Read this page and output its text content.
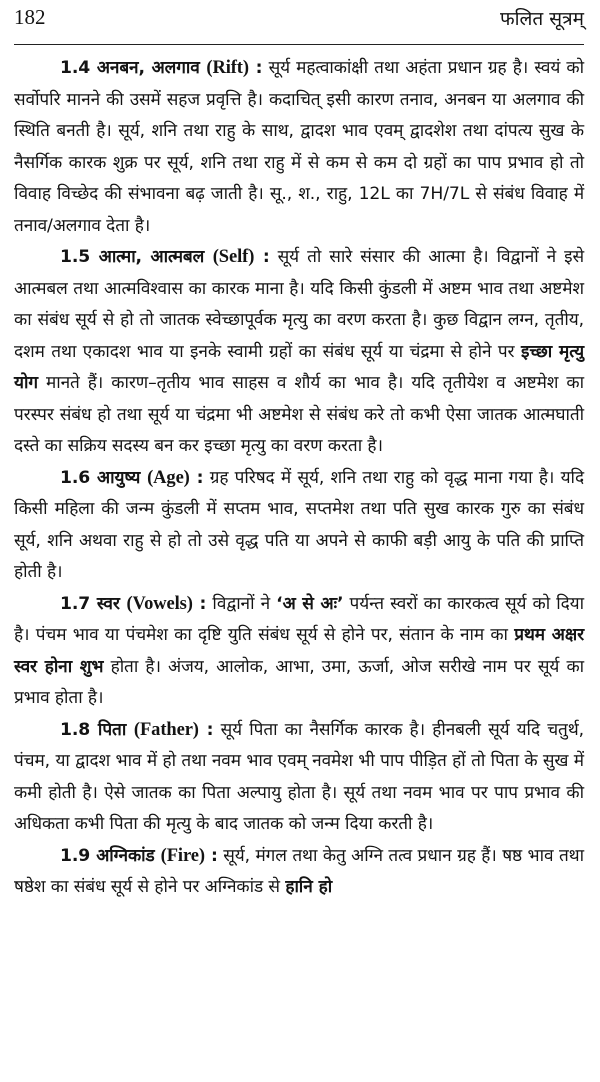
182	फलित सूत्रम्

1.4 अनबन, अलगाव (Rift) : सूर्य महत्वाकांक्षी तथा अहंता प्रधान ग्रह है। स्वयं को सर्वोपरि मानने की उसमें सहज प्रवृत्ति है। कदाचित् इसी कारण तनाव, अनबन या अलगाव की स्थिति बनती है। सूर्य, शनि तथा राहु के साथ, द्वादश भाव एवम् द्वादशेश तथा दांपत्य सुख के नैसर्गिक कारक शुक्र पर सूर्य, शनि तथा राहु में से कम से कम दो ग्रहों का पाप प्रभाव हो तो विवाह विच्छेद की संभावना बढ़ जाती है। सू., श., राहु, 12L का 7H/7L से संबंध विवाह में तनाव/अलगाव देता है।

1.5 आत्मा, आत्मबल (Self) : सूर्य तो सारे संसार की आत्मा है। विद्वानों ने इसे आत्मबल तथा आत्मविश्वास का कारक माना है। यदि किसी कुंडली में अष्टम भाव तथा अष्टमेश का संबंध सूर्य से हो तो जातक स्वेच्छापूर्वक मृत्यु का वरण करता है। कुछ विद्वान लग्न, तृतीय, दशम तथा एकादश भाव या इनके स्वामी ग्रहों का संबंध सूर्य या चंद्रमा से होने पर इच्छा मृत्यु योग मानते हैं। कारण–तृतीय भाव साहस व शौर्य का भाव है। यदि तृतीयेश व अष्टमेश का परस्पर संबंध हो तथा सूर्य या चंद्रमा भी अष्टमेश से संबंध करे तो कभी ऐसा जातक आत्मघाती दस्ते का सक्रिय सदस्य बन कर इच्छा मृत्यु का वरण करता है।

1.6 आयुष्य (Age) : ग्रह परिषद में सूर्य, शनि तथा राहु को वृद्ध माना गया है। यदि किसी महिला की जन्म कुंडली में सप्तम भाव, सप्तमेश तथा पति सुख कारक गुरु का संबंध सूर्य, शनि अथवा राहु से हो तो उसे वृद्ध पति या अपने से काफी बड़ी आयु के पति की प्राप्ति होती है।

1.7 स्वर (Vowels) : विद्वानों ने ‘अ से अः’ पर्यन्त स्वरों का कारकत्व सूर्य को दिया है। पंचम भाव या पंचमेश का दृष्टि युति संबंध सूर्य से होने पर, संतान के नाम का प्रथम अक्षर स्वर होना शुभ होता है। अंजय, आलोक, आभा, उमा, ऊर्जा, ओज सरीखे नाम पर सूर्य का प्रभाव होता है।

1.8 पिता (Father) : सूर्य पिता का नैसर्गिक कारक है। हीनबली सूर्य यदि चतुर्थ, पंचम, या द्वादश भाव में हो तथा नवम भाव एवम् नवमेश भी पाप पीड़ित हों तो पिता के सुख में कमी होती है। ऐसे जातक का पिता अल्पायु होता है। सूर्य तथा नवम भाव पर पाप प्रभाव की अधिकता कभी पिता की मृत्यु के बाद जातक को जन्म दिया करती है।

1.9 अग्निकांड (Fire) : सूर्य, मंगल तथा केतु अग्नि तत्व प्रधान ग्रह हैं। षष्ठ भाव तथा षष्ठेश का संबंध सूर्य से होने पर अग्निकांड से हानि हो
